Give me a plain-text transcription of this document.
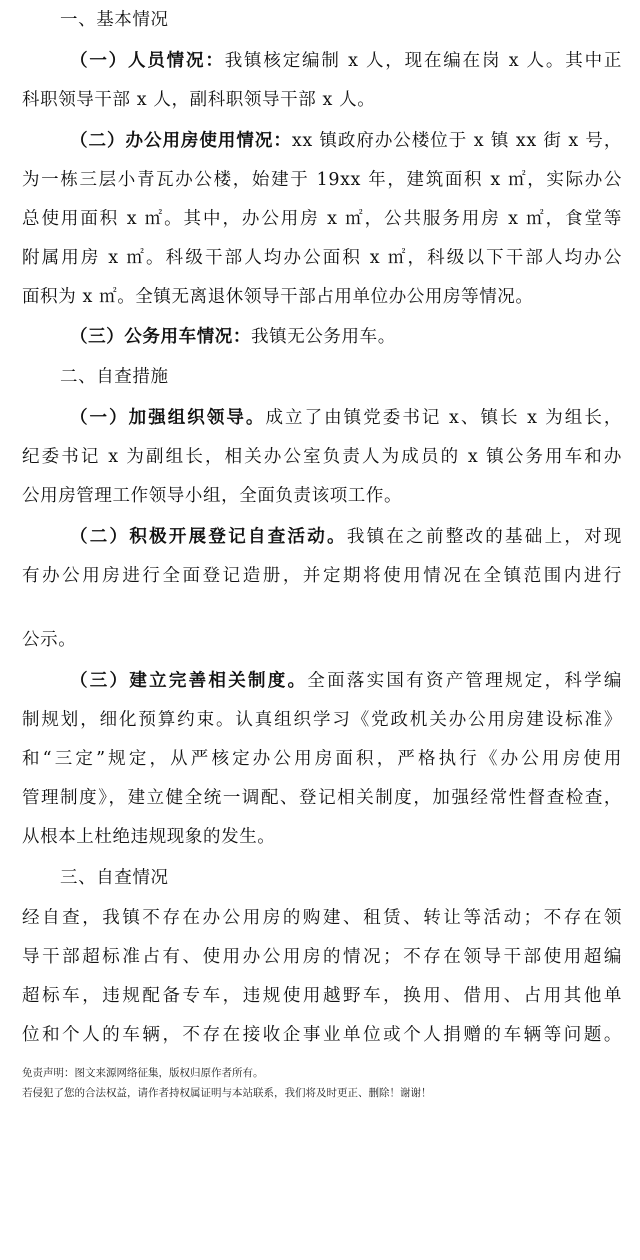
一、基本情况
（一）人员情况：我镇核定编制 x 人，现在编在岗 x 人。其中正
科职领导干部 x 人，副科职领导干部 x 人。
（二）办公用房使用情况：xx 镇政府办公楼位于 x 镇 xx 街 x 号，
为一栋三层小青瓦办公楼，始建于 19xx 年，建筑面积 x ㎡，实际办公
总使用面积 x ㎡。其中，办公用房 x ㎡，公共服务用房 x ㎡，食堂等
附属用房 x ㎡。科级干部人均办公面积 x ㎡，科级以下干部人均办公
面积为 x ㎡。全镇无离退休领导干部占用单位办公用房等情况。
（三）公务用车情况：我镇无公务用车。
二、自查措施
（一）加强组织领导。成立了由镇党委书记 x、镇长 x 为组长，
纪委书记 x 为副组长，相关办公室负责人为成员的 x 镇公务用车和办
公用房管理工作领导小组，全面负责该项工作。
（二）积极开展登记自查活动。我镇在之前整改的基础上，对现
有办公用房进行全面登记造册，并定期将使用情况在全镇范围内进行
公示。
（三）建立完善相关制度。全面落实国有资产管理规定，科学编
制规划，细化预算约束。认真组织学习《党政机关办公用房建设标准》
和“三定”规定，从严核定办公用房面积，严格执行《办公用房使用
管理制度》，建立健全统一调配、登记相关制度，加强经常性督查检查，
从根本上杜绝违规现象的发生。
三、自查情况
经自查，我镇不存在办公用房的购建、租赁、转让等活动；不存在领
导干部超标准占有、使用办公用房的情况；不存在领导干部使用超编
超标车，违规配备专车，违规使用越野车，换用、借用、占用其他单
位和个人的车辆，不存在接收企事业单位或个人捐赠的车辆等问题。
免责声明：图文来源网络征集，版权归原作者所有。
若侵犯了您的合法权益，请作者持权属证明与本站联系，我们将及时更正、删除！谢谢！
